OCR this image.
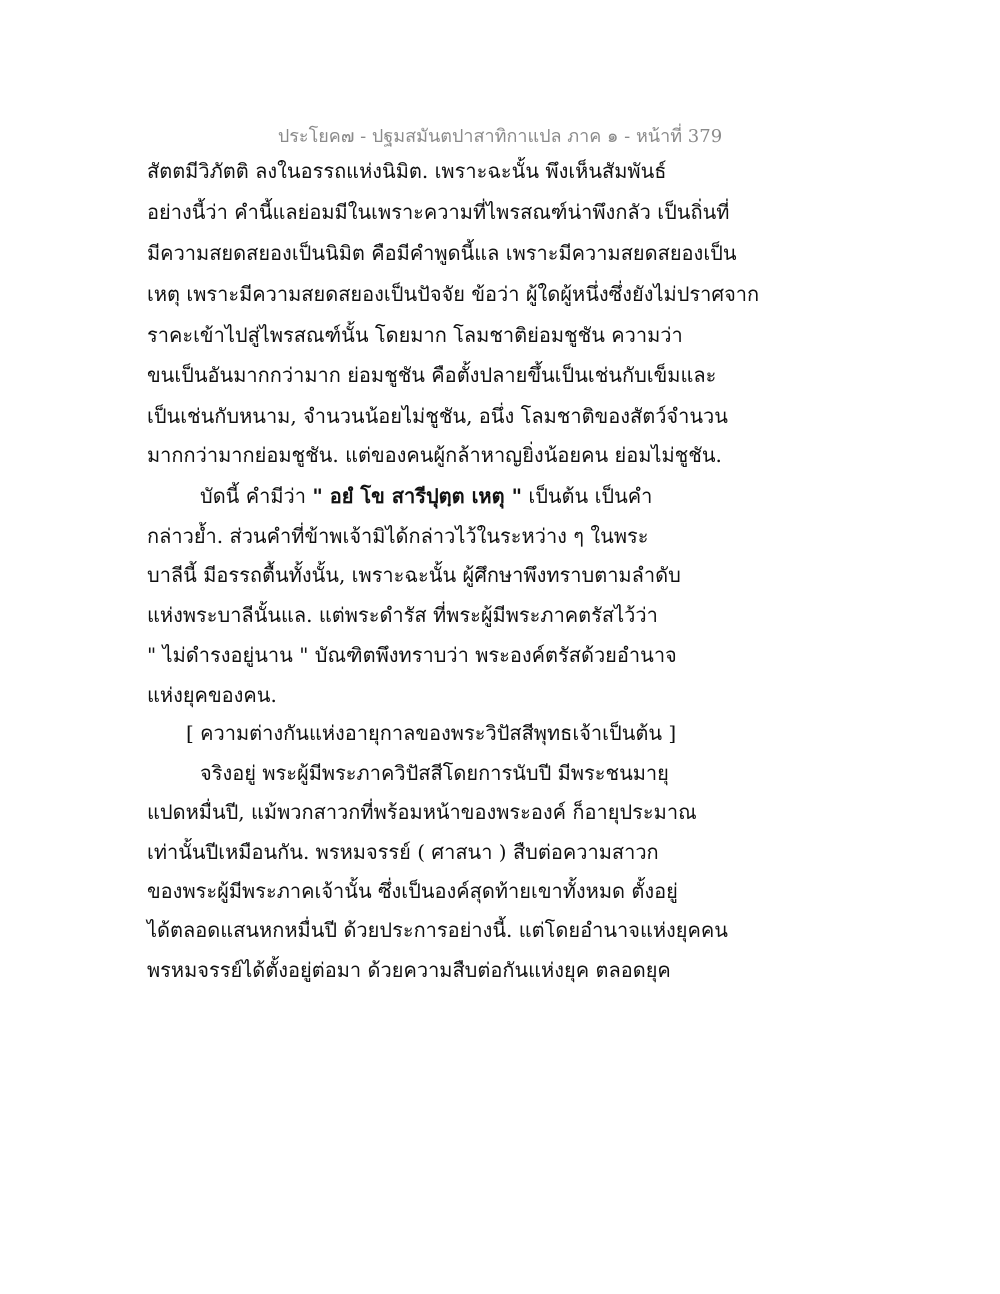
ประโยค๗ - ปฐมสมันตปาสาทิกาแปล ภาค ๑ - หน้าที่ 379
สัตตมีวิภัตติ ลงในอรรถแห่งนิมิต. เพราะฉะนั้น พึงเห็นสัมพันธ์
อย่างนี้ว่า คำนี้แลย่อมมีในเพราะความที่ไพรสณฑ์น่าพึงกลัว เป็นถิ่นที่
มีความสยดสยองเป็นนิมิต คือมีคำพูดนี้แล เพราะมีความสยดสยองเป็น
เหตุ เพราะมีความสยดสยองเป็นปัจจัย ข้อว่า ผู้ใดผู้หนึ่งซึ่งยังไม่ปราศจาก
ราคะเข้าไปสู่ไพรสณฑ์นั้น โดยมาก โลมชาติย่อมชูชัน ความว่า
ขนเป็นอันมากกว่ามาก ย่อมชูชัน คือตั้งปลายขึ้นเป็นเช่นกับเข็มและ
เป็นเช่นกับหนาม, จำนวนน้อยไม่ชูชัน, อนึ่ง โลมชาติของสัตว์จำนวน
มากกว่ามากย่อมชูชัน. แต่ของคนผู้กล้าหาญยิ่งน้อยคน ย่อมไม่ชูชัน.
บัดนี้ คำมีว่า " อยํ โข สารีปุตฺต เหตุ " เป็นต้น เป็นคำ
กล่าวย้ำ. ส่วนคำที่ข้าพเจ้ามิได้กล่าวไว้ในระหว่าง ๆ ในพระ
บาลีนี้ มีอรรถตื้นทั้งนั้น, เพราะฉะนั้น ผู้ศึกษาพึงทราบตามลำดับ
แห่งพระบาลีนั้นแล. แต่พระดำรัส ที่พระผู้มีพระภาคตรัสไว้ว่า
" ไม่ดำรงอยู่นาน " บัณฑิตพึงทราบว่า พระองค์ตรัสด้วยอำนาจ
แห่งยุคของคน.
[ ความต่างกันแห่งอายุกาลของพระวิปัสสีพุทธเจ้าเป็นต้น ]
จริงอยู่ พระผู้มีพระภาควิปัสสีโดยการนับปี มีพระชนมายุ
แปดหมื่นปี, แม้พวกสาวกที่พร้อมหน้าของพระองค์ ก็อายุประมาณ
เท่านั้นปีเหมือนกัน. พรหมจรรย์ ( ศาสนา ) สืบต่อความสาวก
ของพระผู้มีพระภาคเจ้านั้น ซึ่งเป็นองค์สุดท้ายเขาทั้งหมด ตั้งอยู่
ได้ตลอดแสนหกหมื่นปี ด้วยประการอย่างนี้. แต่โดยอำนาจแห่งยุคคน
พรหมจรรย์ได้ตั้งอยู่ต่อมา ด้วยความสืบต่อกันแห่งยุค ตลอดยุค
